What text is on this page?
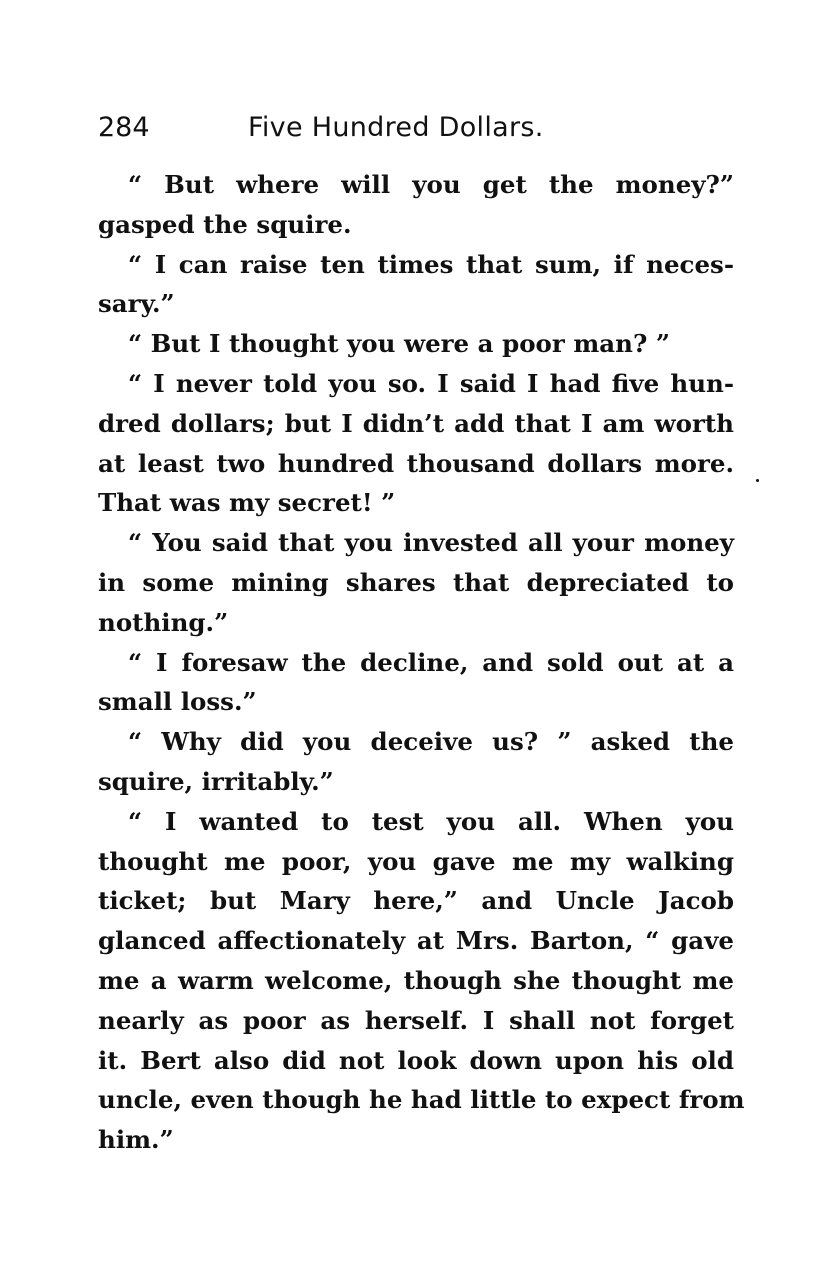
284	Five Hundred Dollars.
“ But where will you get the money?”
gasped the squire.
“ I can raise ten times that sum, if neces-
sary.”
“ But I thought you were a poor man? ”
“ I never told you so. I said I had five hun-
dred dollars; but I didn’t add that I am worth
at least two hundred thousand dollars more.
That was my secret! ”
“ You said that you invested all your money
in some mining shares that depreciated to
nothing.”
“ I foresaw the decline, and sold out at a
small loss.”
“ Why did you deceive us? ” asked the
squire, irritably.”
“ I wanted to test you all. When you
thought me poor, you gave me my walking
ticket; but Mary here,” and Uncle Jacob
glanced affectionately at Mrs. Barton, “ gave
me a warm welcome, though she thought me
nearly as poor as herself. I shall not forget
it. Bert also did not look down upon his old
uncle, even though he had little to expect from
him.”
